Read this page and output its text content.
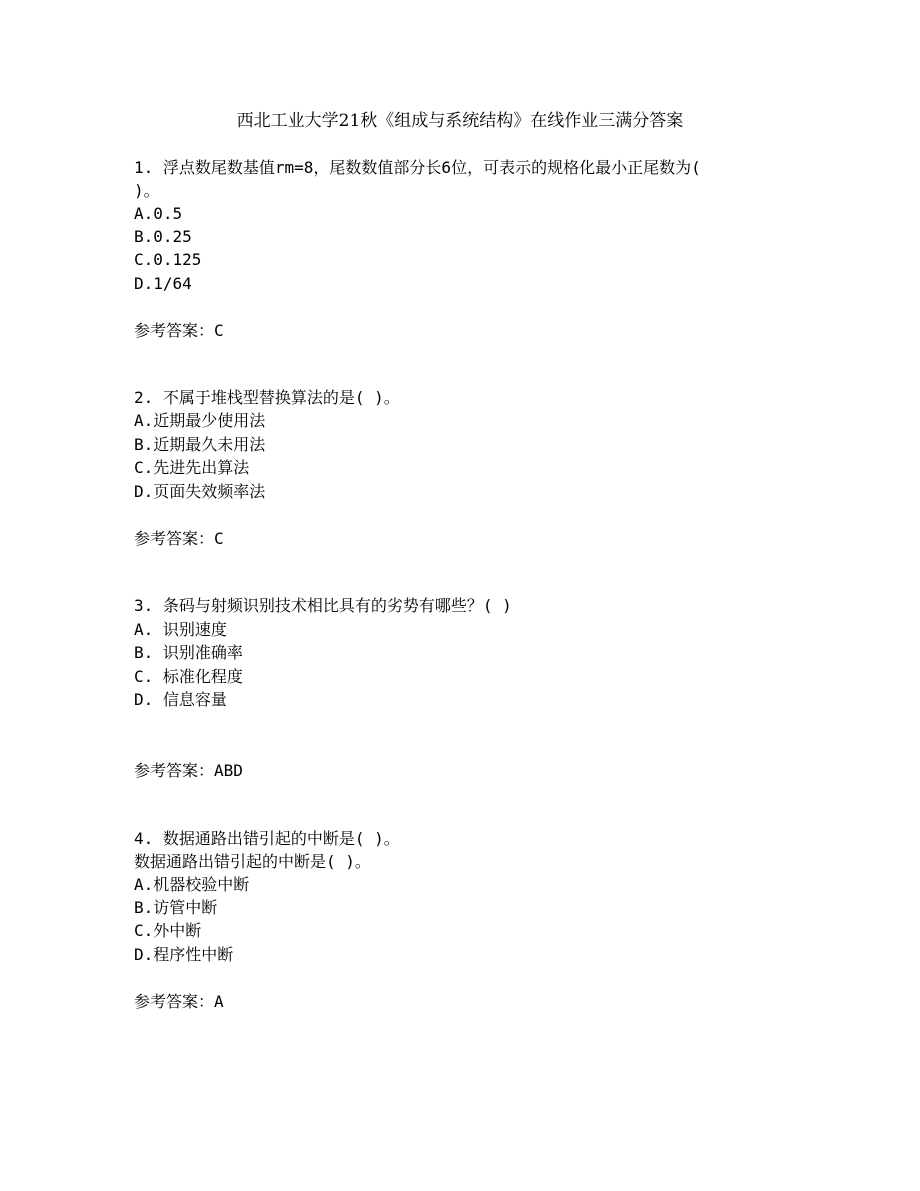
西北工业大学21秋《组成与系统结构》在线作业三满分答案
1. 浮点数尾数基值rm=8，尾数数值部分长6位，可表示的规格化最小正尾数为(
)。
A.0.5
B.0.25
C.0.125
D.1/64
参考答案：C
2. 不属于堆栈型替换算法的是( )。
A.近期最少使用法
B.近期最久未用法
C.先进先出算法
D.页面失效频率法
参考答案：C
3. 条码与射频识别技术相比具有的劣势有哪些？( )
A. 识别速度
B. 识别准确率
C. 标准化程度
D. 信息容量
参考答案：ABD
4. 数据通路出错引起的中断是( )。
数据通路出错引起的中断是( )。
A.机器校验中断
B.访管中断
C.外中断
D.程序性中断
参考答案：A
